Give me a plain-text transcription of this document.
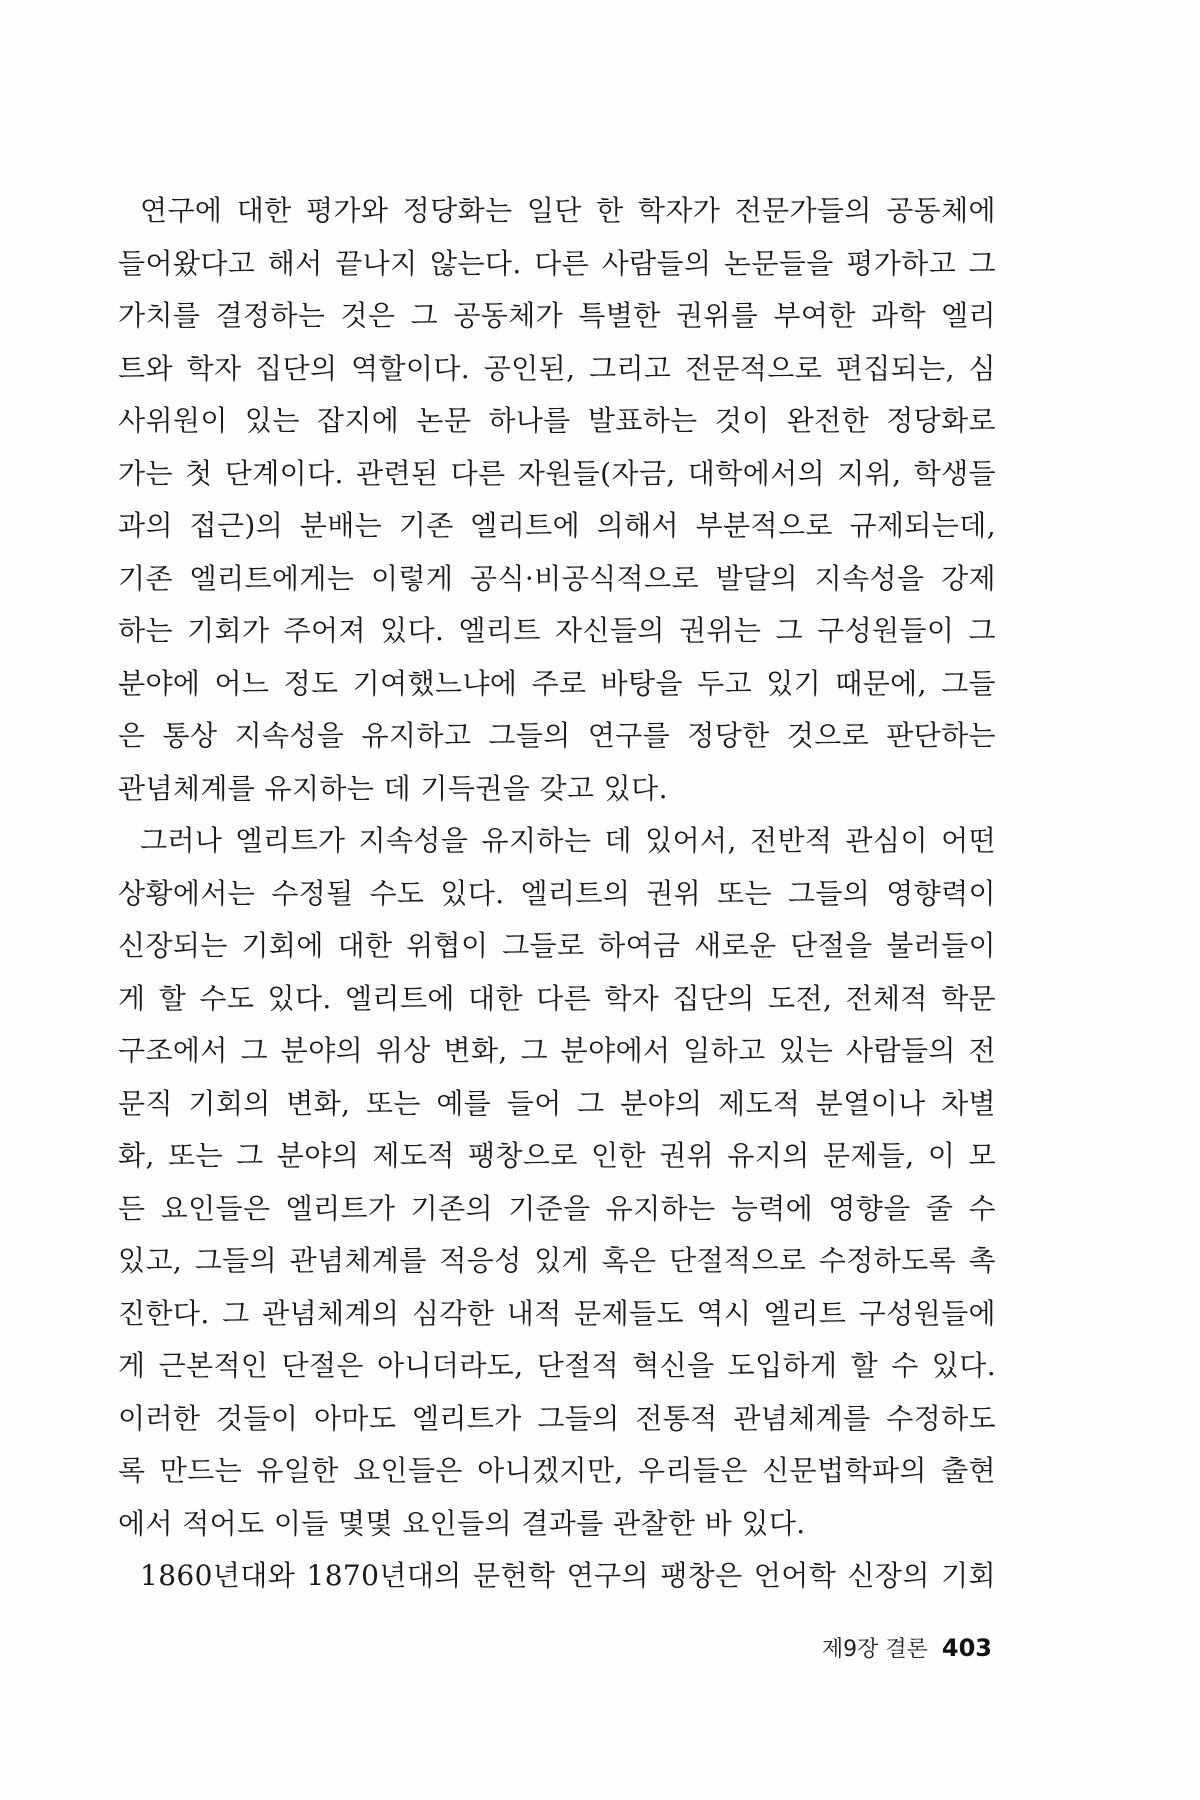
연구에 대한 평가와 정당화는 일단 한 학자가 전문가들의 공동체에
들어왔다고 해서 끝나지 않는다. 다른 사람들의 논문들을 평가하고 그
가치를 결정하는 것은 그 공동체가 특별한 권위를 부여한 과학 엘리
트와 학자 집단의 역할이다. 공인된, 그리고 전문적으로 편집되는, 심
사위원이 있는 잡지에 논문 하나를 발표하는 것이 완전한 정당화로
가는 첫 단계이다. 관련된 다른 자원들(자금, 대학에서의 지위, 학생들
과의 접근)의 분배는 기존 엘리트에 의해서 부분적으로 규제되는데,
기존 엘리트에게는 이렇게 공식·비공식적으로 발달의 지속성을 강제
하는 기회가 주어져 있다. 엘리트 자신들의 권위는 그 구성원들이 그
분야에 어느 정도 기여했느냐에 주로 바탕을 두고 있기 때문에, 그들
은 통상 지속성을 유지하고 그들의 연구를 정당한 것으로 판단하는
관념체계를 유지하는 데 기득권을 갖고 있다.
그러나 엘리트가 지속성을 유지하는 데 있어서, 전반적 관심이 어떤
상황에서는 수정될 수도 있다. 엘리트의 권위 또는 그들의 영향력이
신장되는 기회에 대한 위협이 그들로 하여금 새로운 단절을 불러들이
게 할 수도 있다. 엘리트에 대한 다른 학자 집단의 도전, 전체적 학문
구조에서 그 분야의 위상 변화, 그 분야에서 일하고 있는 사람들의 전
문직 기회의 변화, 또는 예를 들어 그 분야의 제도적 분열이나 차별
화, 또는 그 분야의 제도적 팽창으로 인한 권위 유지의 문제들, 이 모
든 요인들은 엘리트가 기존의 기준을 유지하는 능력에 영향을 줄 수
있고, 그들의 관념체계를 적응성 있게 혹은 단절적으로 수정하도록 촉
진한다. 그 관념체계의 심각한 내적 문제들도 역시 엘리트 구성원들에
게 근본적인 단절은 아니더라도, 단절적 혁신을 도입하게 할 수 있다.
이러한 것들이 아마도 엘리트가 그들의 전통적 관념체계를 수정하도
록 만드는 유일한 요인들은 아니겠지만, 우리들은 신문법학파의 출현
에서 적어도 이들 몇몇 요인들의 결과를 관찰한 바 있다.
1860년대와 1870년대의 문헌학 연구의 팽창은 언어학 신장의 기회
제9장 결론 403
